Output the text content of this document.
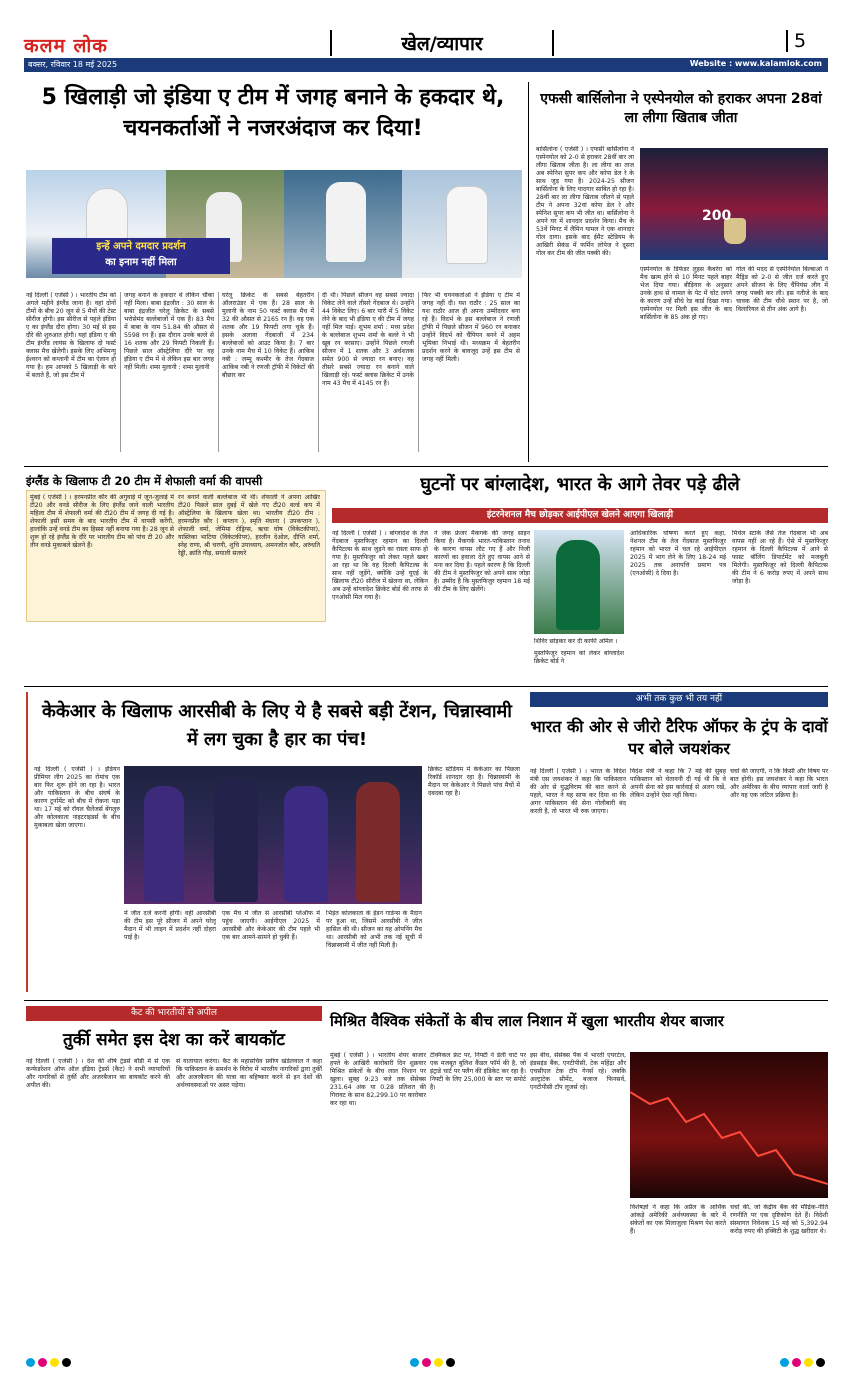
कलम लोक	खेल/व्यापार	5
बक्सर, रविवार 18 मई 2025	Website : www.kalamlok.com
5 खिलाड़ी जो इंडिया ए टीम में जगह बनाने के हकदार थे, चयनकर्ताओं ने नजरअंदाज कर दिया!
इन्हें अपने दमदार प्रदर्शन
का इनाम नहीं मिला
नई दिल्ली ( एजेंसी ) । भारतीय टीम को अगले महीने इंग्लैंड जाना है। वहां दोनों टीमों के बीच 20 जून से 5 मैचों की टेस्ट सीरीज होगी। इस सीरीज से पहले इंडिया ए का इंग्लैंड दौरा होगा। 30 मई से इस दौरे की शुरुआत होगी। यहां इंडिया ए की टीम इंग्लैंड लायंस के खिलाफ दो फर्स्ट क्लास मैच खेलेगी। इसके लिए अभिमन्यु ईश्वरन को कप्तानी में टीम का ऐलान हो गया है। हम आपको 5 खिलाड़ी के बारे में बताते हैं, जो इस टीम में
जगह बनाने के हकदार थे लेकिन चौका नहीं मिला। बाबा इंद्रजीत : 30 साल के बाबा इंद्रजीत घरेलू क्रिकेट के सबसे भरोसेमंद बल्लेबाजों में एक हैं। 83 मैच में बाबा के नाम 51.84 की औसत से 5598 रन हैं। इस दौरान उनके बल्ले से 16 शतक और 29 फिफ्टी निकली हैं। पिछले साल ऑस्ट्रेलिया दौरे पर वह इंडिया ए टीम में थे लेकिन इस बार जगह नहीं मिली। शम्स मुलानी : शम्स मुलानी
घरेलू क्रिकेट के सबसे बेहतरीन ऑलराउंडर में एक हैं। 28 साल के मुलानी के नाम 50 फर्स्ट क्लास मैच में 32 की औसत से 2165 रन हैं। वह एक शतक और 19 फिफ्टी लगा चुके हैं। इसके अलावा गेंदबाजी में 234 बल्लेबाजों को आउट किया है। 7 बार उनके नाम मैच में 10 विकेट हैं। आकिब नबी : जम्मू कश्मीर के तेज गेंदबाज आकिब नबी ने रणजी ट्रॉफी में विकेटों की बौछार कर
दी थी। पिछले सीजन वह सबसे ज्यादा विकेट लेने वाले तीसरे गेंदबाज थे। उन्होंने 44 विकेट लिए। 6 बार पारी में 5 विकेट लेने के बाद भी इंडिया ए की टीम में जगह नहीं मिल पाई। शुभम शर्मा : मध्य प्रदेश के बल्लेबाज शुभम शर्मा के बल्ले ने भी खूब रन बरसाए। उन्होंने पिछले रणजी सीजन में 1 शतक और 3 अर्धशतक समेत 900 से ज्यादा रन बनाए। वह तीसरे सबसे ज्यादा रन बनाने वाले खिलाड़ी रहे। फर्स्ट क्लास क्रिकेट में उनके नाम 43 मैच में 4145 रन हैं।
फिर भी चयनकर्ताओं ने इंडिया ए टीम में जगह नहीं दी। यश राठौर : 25 साल का यश राठौर आज ही अपना उम्मीदवार बना रहे हैं। विदर्भ के इस बल्लेबाज ने रणजी ट्रॉफी में पिछले सीजन में 960 रन बनाकर उन्होंने विदर्भ को चैंपियन बनने में अहम भूमिका निभाई थी। मध्यक्रम में बेहतरीन प्रदर्शन करने के बावजूद उन्हें इस टीम से जगह नहीं मिली।
एफसी बार्सिलोना ने एस्पेनयोल को हराकर अपना 28वां ला लीगा खिताब जीता
बार्सिलोना ( एजेंसी ) । एफसी बार्सिलोना ने एस्पेनयोल को 2-0 से हराकर 28वीं बार ला लीगा खिताब जीता है। ला लीगा का ताज अब स्पेनिश सुपर कप और कोपा डेल रे के साथ जुड़ गया है। 2024-25 सीजन बार्सिलोना के लिए यादगार साबित हो रहा है। 28वीं बार ला लीगा खिताब जीतने से पहले टीम ने अपना 32वां कोपा डेल रे और स्पेनिश सुपर कप भी जीत था। बार्सिलोना ने अपने घर में शानदार प्रदर्शन किया। मैच के 53वें मिनट में लैमिन यामल ने एक शानदार गोल दागा। इसके बाद ईमैट स्टेडियम के आखिरी सेकंड में फर्मिन लोपेज ने दूसरा गोल कर टीम की जीत पक्की की।
200
एस्पेनयोल के डिफेंडर लुइस कैबरेरा को मैच खत्म होने से 10 मिनट पहले बाहर भेज दिया गया। बीड़ियार के अनुसार उनके हाथ से यामल के पेट में चोट लगने के कारण उन्हें सीधे रेड कार्ड दिखा गया। एस्पेनयोल पर मिली इस जीत के बाद बार्सिलोना के 85 अंक हो गए।
गोल की मदद से एस्पेनियोल बिल्बाओ ने मैड्रिड को 2-0 से जीत दर्ज करते हुए अपने सीजन के लिए चैंपियंस लीग में जगह पक्की कर ली। इस नतीजे के बाद चावक की टीम चौथे स्थान पर है, जो विलारियल से तीन अंक आगे है।
इंग्लैंड के खिलाफ टी 20 टीम में शेफाली वर्मा की वापसी
मुंबई ( एजेंसी ) । हरमनप्रीत कौर की अगुवाई में जून-जुलाई में टी20 और वनडे सीरीज के लिए इंग्लैंड जाने वाली भारतीय महिला टीम में शेफाली वर्मा की टी20 टीम में जगह दी गई है। शेफाली इसी समय के बाद भारतीय टीम में वापसी करेंगी, हालांकि उन्हें वनडे टीम का हिस्सा नहीं बनाया गया है। 28 जून से शुरू हो रहे इंग्लैंड के दौरे पर भारतीय टीम को पांच टी 20 और तीन वनडे मुकाबले खेलने हैं।
रन बनाने वाली बल्लेबाज भी थीं। शेफाली ने अपना आखिर टी20 पिछले साल दुबई में खेले गए टी20 वर्ल्ड कप में ऑस्ट्रेलिया के खिलाफ खेला था। भारतीय टी20 टीम : हरमनप्रीत कौर ( कप्तान ), स्मृति मंधाना ( उपकप्तान ), शेफाली वर्मा, जेमिमा रोड्रिग्स, ऋचा घोष (विकेटकीपर), यास्तिका भाटिया (विकेटकीपर), हरलीन देओल, दीप्ति शर्मा, स्नेह राणा, श्री चरणी, शुचि उपाध्याय, अमनजोत कौर, अरुंधति रेड्डी, क्रांति गौड़, सयाली सतघरे
घुटनों पर बांग्लादेश, भारत के आगे तेवर पड़े ढीले
इंटरनेशनल मैच छोड़कर आईपीएल खेलने आएगा खिलाड़ी
नई दिल्ली ( एजेंसी ) । बांग्लादेश के तेज गेंदबाज मुस्तफिजुर रहमान का दिल्ली कैपिटल्स के साथ जुड़ने का रास्ता साफ हो गया है। मुस्तफिजुर को लेकर पहले खबर आ रहा था कि वह दिल्ली कैपिटल्स के साथ नहीं जुड़ेंगे, क्योंकि उन्हें यूएई के खिलाफ टी20 सीरीज में खेलना था, लेकिन अब उन्हें बांग्लादेश क्रिकेट बोर्ड की तरफ से एनओसी मिल गया है।
ने जेक फ्रेजर मैकगर्क की जगह साइन किया है। मैकगर्क भारत-पाकिस्तान तनाव के कारण वापस लौट गए हैं और निजी कारणों का हवाला देते हुए वापस आने से मना कर दिया है। पहले कारण है कि दिल्ली की टीम ने मुस्तफिजुर को अपने साथ जोड़ा है। उम्मीद है कि मुस्तफिजुर रहमान 18 मई की टीम के लिए खेलेंगे।
शिविर छोड़कर कर दी काफी अमिल ।
मुस्तफिजुर रहमान को लेकर बांग्लादेश क्रिकेट बोर्ड ने
आधिकारिक घोषणा करते हुए कहा, नेशनल टीम के तेज गेंदबाज मुस्तफिजुर रहमान को भारत में चल रहे आईपीएल 2025 में भाग लेने के लिए 18-24 मई 2025 तक अनापत्ति प्रमाण पत्र (एनओसी) दे दिया है।
मिचेल स्टार्क जैसे तेज गेंदबाज भी अब वापस नहीं आ रहे हैं। ऐसे में मुस्तफिजुर रहमान के दिल्ली कैपिटल्स में आने से फास्ट बॉलिंग डिपार्टमेंट को मजबूती मिलेगी। मुस्तफिजुर को दिल्ली कैपिटल्स की टीम ने 6 करोड़ रुपए में अपने साथ जोड़ा है।
केकेआर के खिलाफ आरसीबी के लिए ये है सबसे बड़ी टेंशन, चिन्नास्वामी में लग चुका है हार का पंच!
नई दिल्ली ( एजेंसी ) । इंडियन प्रीमियर लीग 2025 का रोमांच एक बार फिर शुरू होने जा रहा है। भारत और पाकिस्तान के बीच संघर्ष के कारण टूर्नामेंट को बीच में रोकना पड़ा था। 17 मई को रॉयल चैलेंजर्स बेंगलुरु और कोलकाता नाइटराइडर्स के बीच मुकाबला खेला जाएगा।
में जीत दर्ज करनी होगी। वहीं आरसीबी की टीम इस पूरे सीजन में अपने घरेलू मैदान में भी लाइन में प्रदर्शन नहीं दोहरा पाई है।
एक मैच में जीत से आरसीबी प्लेऑफ में पहुंच जाएगी। आईपीएल 2025 में आरसीबी और केकेआर की टीम पहले भी एक बार आमने-सामने हो चुकी हैं।
भिड़ंत कोलकाता के ईडन गार्डन्स के मैदान पर हुआ था, जिसमें आरसीबी ने जीत हासिल की थी। सीजन का यह ओपनिंग मैच था। आरसीबी को अभी तक नई सूची में चिन्नास्वामी में जीत नहीं मिली है।
क्रिकेट स्टेडियम में केकेआर का पिछला रिकॉर्ड शानदार रहा है। चिन्नास्वामी के मैदान पर केकेआर ने पिछले पांच मैचों में दबदबा रहा है।
अभी तक कुछ भी तय नहीं
भारत की ओर से जीरो टैरिफ ऑफर के ट्रंप के दावों पर बोले जयशंकर
नई दिल्ली ( एजेंसी ) । भारत के विदेश मंत्री एस जयशंकर ने कहा कि पाकिस्तान की ओर से युद्धविराम की बात करने से पहले, भारत ने यह साफ कर दिया था कि अगर पाकिस्तान की सेना गोलीबारी बंद करती है, तो भारत भी रुक जाएगा।
विदेश मंत्री ने कहा कि 7 मई की सुबह पाकिस्तान को चेतावनी दी गई थी कि वे अपनी सेना को इस कार्रवाई से अलग रखें, लेकिन उन्होंने ऐसा नहीं किया।
चर्चा की जाएगी, न कि किसी और विषय पर बात होगी। इस जयशंकर ने कहा कि भारत और अमेरिका के बीच व्यापार वार्ता जारी है और यह एक जटिल प्रक्रिया है।
कैट की भारतीयों से अपील
तुर्की समेत इस देश का करें बायकॉट
नई दिल्ली ( एजेंसी ) । देश की शीर्ष ट्रेडर्स बॉडी में से एक कन्फेडरेशन ऑफ ऑल इंडिया ट्रेडर्स (कैट) ने सभी व्यापारियों और नागरिकों से तुर्की और अजरबैजान का बायकॉट करने की अपील की।
से यातायात करेगा। कैट के महासचिव प्रवीण खंडेलवाल ने कहा कि पाकिस्तान के समर्थन के विरोध में भारतीय नागरिकों द्वारा तुर्की और अजरबैजान की यात्रा का बहिष्कार करने से इन देशों की अर्थव्यवस्थाओं पर असर पड़ेगा।
मिश्रित वैश्विक संकेतों के बीच लाल निशान में खुला भारतीय शेयर बाजार
मुंबई ( एजेंसी ) । भारतीय शेयर बाजार हफ्ते के आखिरी कारोबारी दिन शुक्रवार मिश्रित संकेतों के बीच लाल निशान पर खुला। सुबह 9:23 बजे तक सेंसेक्स 231.64 अंक या 0.28 प्रतिशत की गिरावट के साथ 82,299.10 पर कारोबार कर रहा था।
टेक्निकल फ्रंट पर, निफ्टी ने डेली चार्ट पर एक मजबूत बुलिश कैंडल फॉर्म की है, जो इंट्राडे चार्ट पर फ्लैग की इंडिकेट कर रहा है। निफ्टी के लिए 25,000 के स्तर पर सपोर्ट है।
इस बीच, सेंसेक्स पैक में भारती एयरटेल, इंडसइंड बैंक, एनटीपीसी, टेक महिंद्रा और एचसीएल टेक टॉप गेनर्स रहे। जबकि अल्ट्राटेक सीमेंट, बजाज फिनसर्व, एनटीपीसी टॉप लूजर्स रहे।
विशेषज्ञों ने कहा कि अप्रैल के आर्थिक आंकड़े अमेरिकी अर्थव्यवस्था के बारे में संकेतों का एक मिलाजुला मिश्रण पेश करते हैं।
चर्चा की, जो केंद्रीय बैंक की मौद्रिक-नीति रणनीति पर एक दृष्टिकोण देते हैं। विदेशी संस्थागत निवेशक 15 मई को 5,392.94 करोड़ रुपए की इक्विटी के शुद्ध खरीदार थे।
